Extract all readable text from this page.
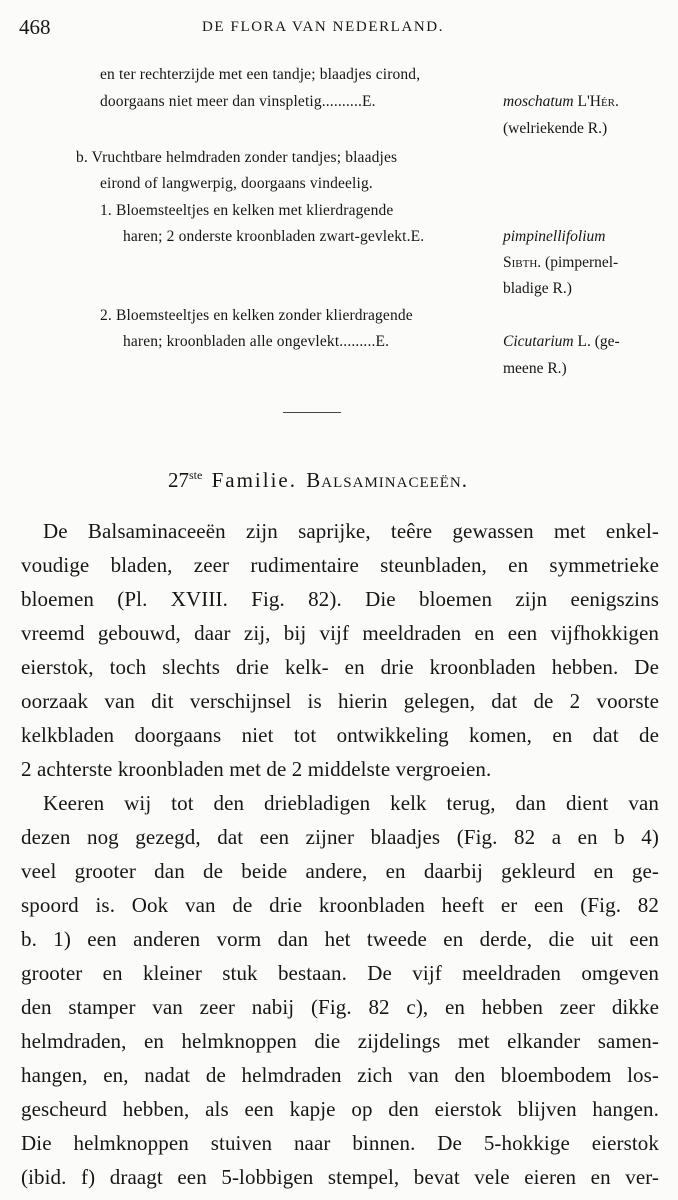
468	DE FLORA VAN NEDERLAND.
en ter rechterzijde met een tandje; blaadjes cirond,
doorgaans niet meer dan vinspletig..........E.	moschatum L'Hér.
(welriekende R.)
b. Vruchtbare helmdraden zonder tandjes; blaadjes
eirond of langwerpig, doorgaans vindeelig.
1. Bloemsteeltjes en kelken met klierdragende
haren; 2 onderste kroonbladen zwart-gevlekt.E.	pimpinellifolium
Sibth. (pimpernel-
bladige R.)
2. Bloemsteeltjes en kelken zonder klierdragende
haren; kroonbladen alle ongevlekt.........E.	Cicutarium L. (ge-
meene R.)
27ste Familie. Balsaminaceeën.
De Balsaminaceeën zijn saprijke, teêre gewassen met enkel-
voudige bladen, zeer rudimentaire steunbladen, en symmetrieke
bloemen (Pl. XVIII. Fig. 82). Die bloemen zijn eenigszins
vreemd gebouwd, daar zij, bij vijf meeldraden en een vijfhokkigen
eierstok, toch slechts drie kelk- en drie kroonbladen hebben. De
oorzaak van dit verschijnsel is hierin gelegen, dat de 2 voorste
kelkbladen doorgaans niet tot ontwikkeling komen, en dat de
2 achterste kroonbladen met de 2 middelste vergroeien.
Keeren wij tot den driebladigen kelk terug, dan dient van
dezen nog gezegd, dat een zijner blaadjes (Fig. 82 a en b 4)
veel grooter dan de beide andere, en daarbij gekleurd en ge-
spoord is. Ook van de drie kroonbladen heeft er een (Fig. 82
b. 1) een anderen vorm dan het tweede en derde, die uit een
grooter en kleiner stuk bestaan. De vijf meeldraden omgeven
den stamper van zeer nabij (Fig. 82 c), en hebben zeer dikke
helmdraden, en helmknoppen die zijdelings met elkander samen-
hangen, en, nadat de helmdraden zich van den bloembodem los-
gescheurd hebben, als een kapje op den eierstok blijven hangen.
Die helmknoppen stuiven naar binnen. De 5-hokkige eierstok
(ibid. f) draagt een 5-lobbigen stempel, bevat vele eieren en ver-
